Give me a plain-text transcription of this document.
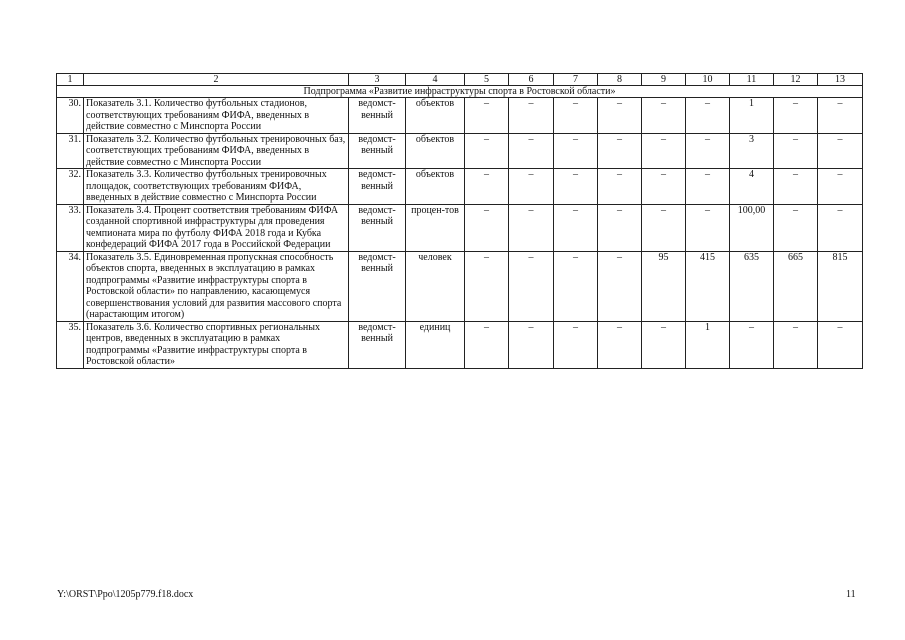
1	2	3	4	5	6	7	8	9	10	11	12	13
Подпрограмма «Развитие инфраструктуры спорта в Ростовской области»												
30.	Показатель 3.1. Количество футбольных стадионов, соответствующих требованиям ФИФА, введенных в действие совместно с Минспорта России	ведомст-венный	объектов	–	–	–	–	–	–	1	–	–
31.	Показатель 3.2. Количество футбольных тренировочных баз, соответствующих требованиям ФИФА, введенных в действие совместно с Минспорта России	ведомст-венный	объектов	–	–	–	–	–	–	3	–	–
32.	Показатель 3.3. Количество футбольных тренировочных площадок, соответствующих требованиям ФИФА, введенных в действие совместно с Минспорта России	ведомст-венный	объектов	–	–	–	–	–	–	4	–	–
33.	Показатель 3.4. Процент соответствия требованиям ФИФА созданной спортивной инфраструктуры для проведения чемпионата мира по футболу ФИФА 2018 года и Кубка конфедераций ФИФА 2017 года в Российской Федерации	ведомст-венный	процен-тов	–	–	–	–	–	–	100,00	–	–
34.	Показатель 3.5. Единовременная пропускная способность объектов спорта, введенных в эксплуатацию в рамках подпрограммы «Развитие инфраструктуры спорта в Ростовской области» по направлению, касающемуся совершенствования условий для развития массового спорта (нарастающим итогом)	ведомст-венный	человек	–	–	–	–	95	415	635	665	815
35.	Показатель 3.6. Количество спортивных региональных центров, введенных в эксплуатацию в рамках подпрограммы «Развитие инфраструктуры спорта в Ростовской области»	ведомст-венный	единиц	–	–	–	–	–	1	–	–	–
Y:\ORST\Ppo\1205p779.f18.docx	11
